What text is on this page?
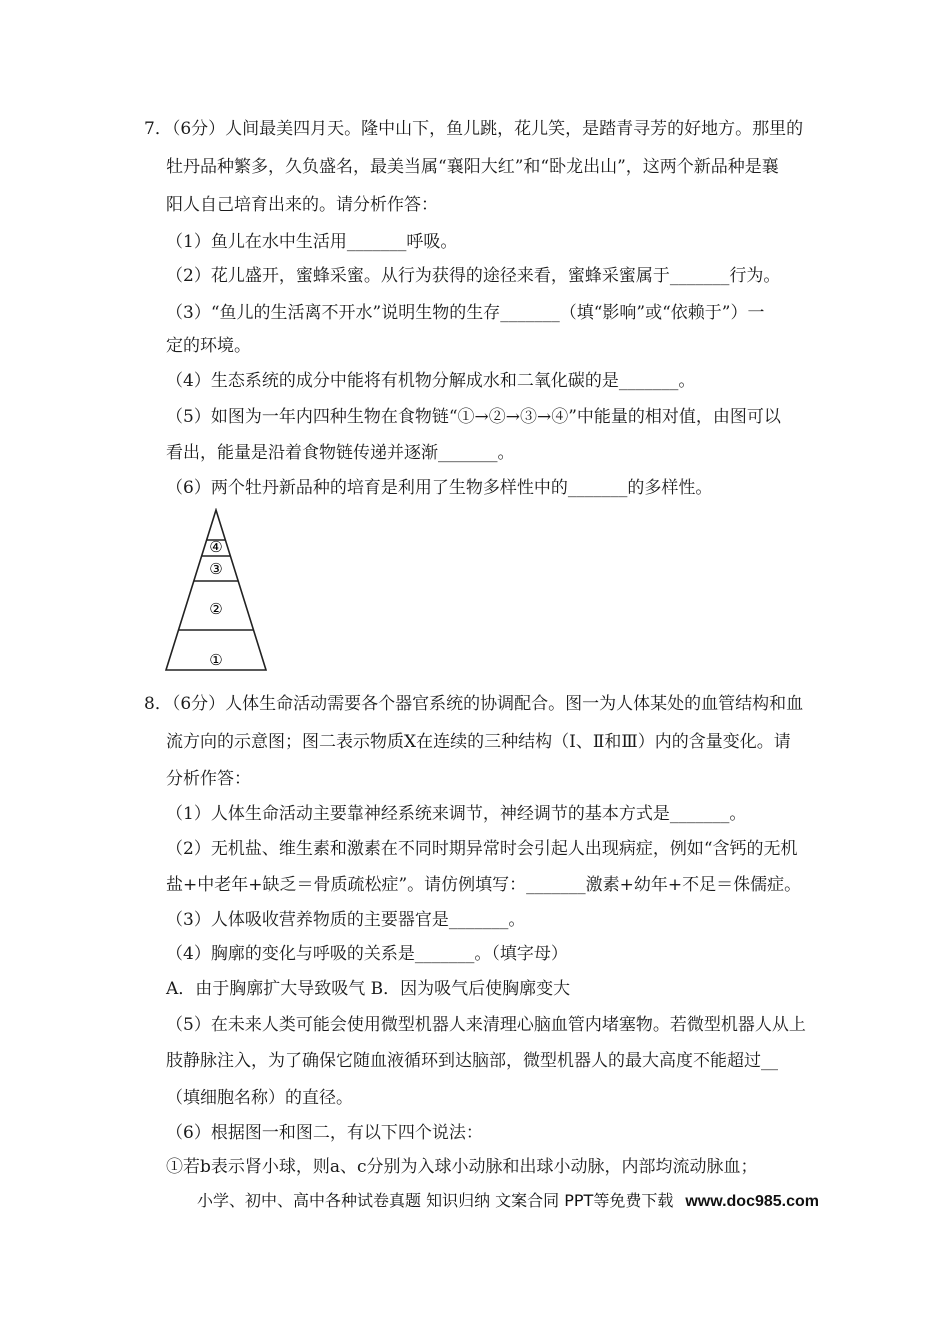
7．（6分）人间最美四月天。隆中山下，鱼儿跳，花儿笑，是踏青寻芳的好地方。那里的
牡丹品种繁多，久负盛名，最美当属“襄阳大红”和“卧龙出山”，这两个新品种是襄
阳人自己培育出来的。请分析作答：
（1）鱼儿在水中生活用_______呼吸。
（2）花儿盛开，蜜蜂采蜜。从行为获得的途径来看，蜜蜂采蜜属于_______行为。
（3）“鱼儿的生活离不开水”说明生物的生存_______（填“影响”或“依赖于”）一
定的环境。
（4）生态系统的成分中能将有机物分解成水和二氧化碳的是_______。
（5）如图为一年内四种生物在食物链“①→②→③→④”中能量的相对值，由图可以
看出，能量是沿着食物链传递并逐渐_______。
（6）两个牡丹新品种的培育是利用了生物多样性中的_______的多样性。
④
③
②
①
8．（6分）人体生命活动需要各个器官系统的协调配合。图一为人体某处的血管结构和血
流方向的示意图；图二表示物质X在连续的三种结构（Ⅰ、Ⅱ和Ⅲ）内的含量变化。请
分析作答：
（1）人体生命活动主要靠神经系统来调节，神经调节的基本方式是_______。
（2）无机盐、维生素和激素在不同时期异常时会引起人出现病症，例如“含钙的无机
盐+中老年+缺乏＝骨质疏松症”。请仿例填写：_______激素+幼年+不足＝侏儒症。
（3）人体吸收营养物质的主要器官是_______。
（4）胸廓的变化与呼吸的关系是_______。（填字母）
A．由于胸廓扩大导致吸气 B．因为吸气后使胸廓变大
（5）在未来人类可能会使用微型机器人来清理心脑血管内堵塞物。若微型机器人从上
肢静脉注入，为了确保它随血液循环到达脑部，微型机器人的最大高度不能超过__
（填细胞名称）的直径。
（6）根据图一和图二，有以下四个说法：
①若b表示肾小球，则a、c分别为入球小动脉和出球小动脉，内部均流动脉血；
小学、初中、高中各种试卷真题 知识归纳 文案合同 PPT等免费下载 www.doc985.com
